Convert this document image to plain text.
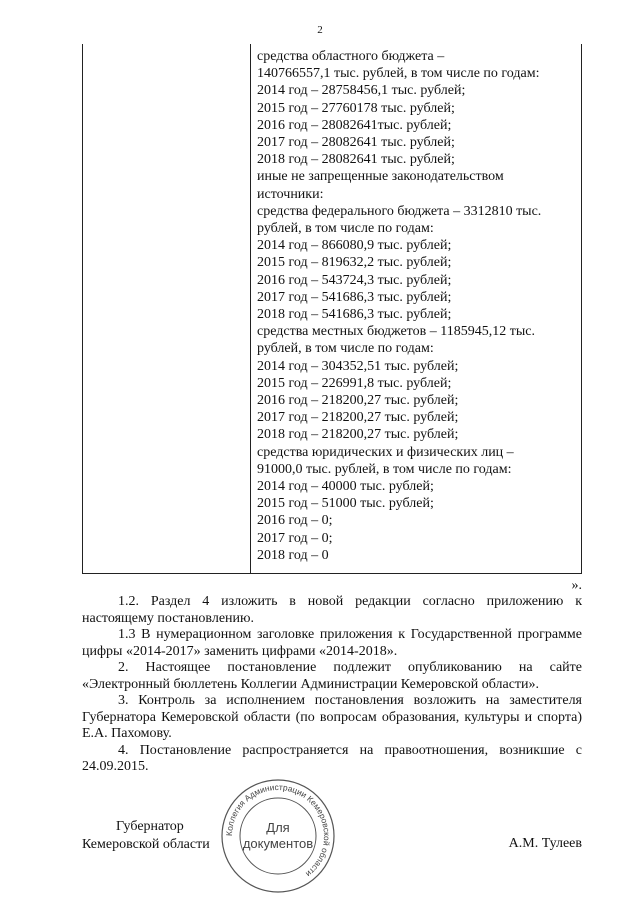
2
средства областного бюджета –
140766557,1 тыс. рублей, в том числе по годам:
2014 год – 28758456,1 тыс. рублей;
2015 год – 27760178 тыс. рублей;
2016 год – 28082641тыс. рублей;
2017 год – 28082641 тыс. рублей;
2018 год – 28082641 тыс. рублей;
иные не запрещенные законодательством
источники:
средства федерального бюджета – 3312810 тыс.
рублей, в том числе по годам:
2014 год – 866080,9 тыс. рублей;
2015 год – 819632,2 тыс. рублей;
2016 год – 543724,3 тыс. рублей;
2017 год – 541686,3 тыс. рублей;
2018 год – 541686,3 тыс. рублей;
средства местных бюджетов – 1185945,12 тыс.
рублей, в том числе по годам:
2014 год – 304352,51 тыс. рублей;
2015 год – 226991,8 тыс. рублей;
2016 год – 218200,27 тыс. рублей;
2017 год – 218200,27 тыс. рублей;
2018 год – 218200,27 тыс. рублей;
средства юридических и физических лиц –
91000,0 тыс. рублей, в том числе по годам:
2014 год – 40000 тыс. рублей;
2015 год – 51000 тыс. рублей;
2016 год – 0;
2017 год – 0;
2018 год – 0
».

1.2. Раздел 4 изложить в новой редакции согласно приложению к настоящему постановлению.

1.3 В нумерационном заголовке приложения к Государственной программе цифры «2014-2017» заменить цифрами «2014-2018».

2. Настоящее постановление подлежит опубликованию на сайте «Электронный бюллетень Коллегии Администрации Кемеровской области».

3. Контроль за исполнением постановления возложить на заместителя Губернатора Кемеровской области (по вопросам образования, культуры и спорта) Е.А. Пахомову.

4. Постановление распространяется на правоотношения, возникшие с 24.09.2015.

Губернатор
Кемеровской области	А.М. Тулеев
Коллегия Администрации Кемеровской области
Для
документов
